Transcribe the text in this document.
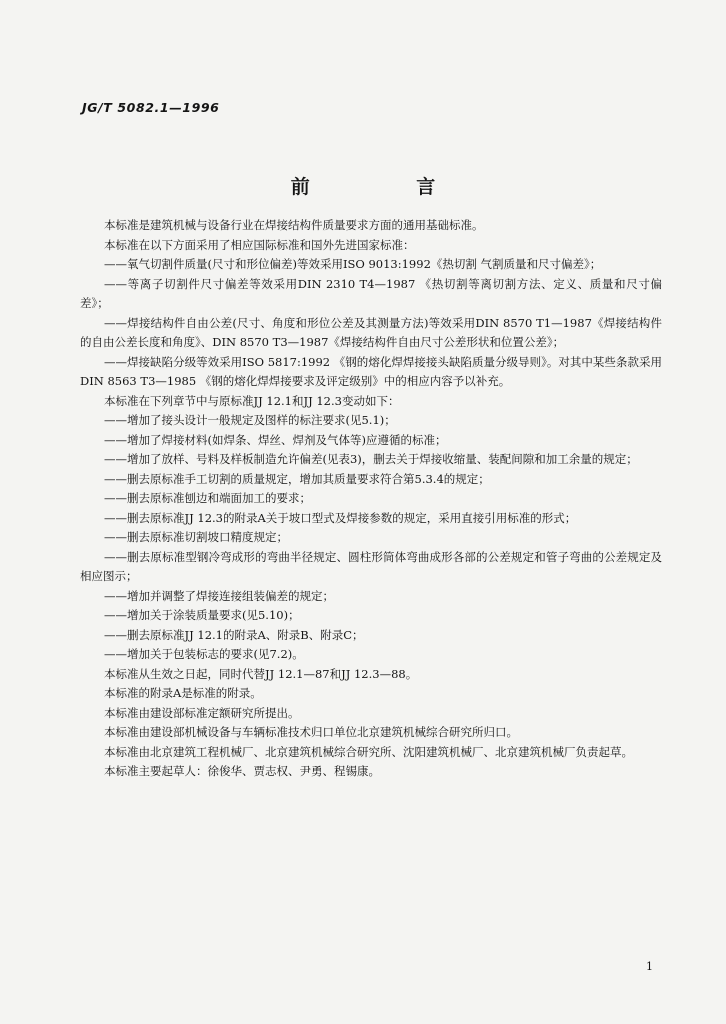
JG/T 5082.1—1996
前 言

本标准是建筑机械与设备行业在焊接结构件质量要求方面的通用基础标准。

本标准在以下方面采用了相应国际标准和国外先进国家标准：

——氧气切割件质量(尺寸和形位偏差)等效采用ISO 9013:1992《热切割 气割质量和尺寸偏差》；

——等离子切割件尺寸偏差等效采用DIN 2310 T4—1987 《热切割等离切割方法、定义、质量和尺寸偏差》；

——焊接结构件自由公差(尺寸、角度和形位公差及其测量方法)等效采用DIN 8570 T1—1987《焊接结构件的自由公差长度和角度》、DIN 8570 T3—1987《焊接结构件自由尺寸公差形状和位置公差》；

——焊接缺陷分级等效采用ISO 5817:1992 《钢的熔化焊焊接接头缺陷质量分级导则》。对其中某些条款采用DIN 8563 T3—1985 《钢的熔化焊焊接要求及评定级别》中的相应内容予以补充。

本标准在下列章节中与原标准JJ 12.1和JJ 12.3变动如下：

——增加了接头设计一般规定及图样的标注要求(见5.1)；

——增加了焊接材料(如焊条、焊丝、焊剂及气体等)应遵循的标准；

——增加了放样、号料及样板制造允许偏差(见表3)，删去关于焊接收缩量、装配间隙和加工余量的规定；

——删去原标准手工切割的质量规定，增加其质量要求符合第5.3.4的规定；

——删去原标准刨边和端面加工的要求；

——删去原标准JJ 12.3的附录A关于坡口型式及焊接参数的规定，采用直接引用标准的形式；

——删去原标准切割坡口精度规定；

——删去原标准型钢冷弯成形的弯曲半径规定、圆柱形筒体弯曲成形各部的公差规定和管子弯曲的公差规定及相应图示；

——增加并调整了焊接连接组装偏差的规定；

——增加关于涂装质量要求(见5.10)；

——删去原标准JJ 12.1的附录A、附录B、附录C；

——增加关于包装标志的要求(见7.2)。

本标准从生效之日起，同时代替JJ 12.1—87和JJ 12.3—88。

本标准的附录A是标准的附录。

本标准由建设部标准定额研究所提出。

本标准由建设部机械设备与车辆标准技术归口单位北京建筑机械综合研究所归口。

本标准由北京建筑工程机械厂、北京建筑机械综合研究所、沈阳建筑机械厂、北京建筑机械厂负责起草。

本标准主要起草人：徐俊华、贾志权、尹勇、程锡康。

1
